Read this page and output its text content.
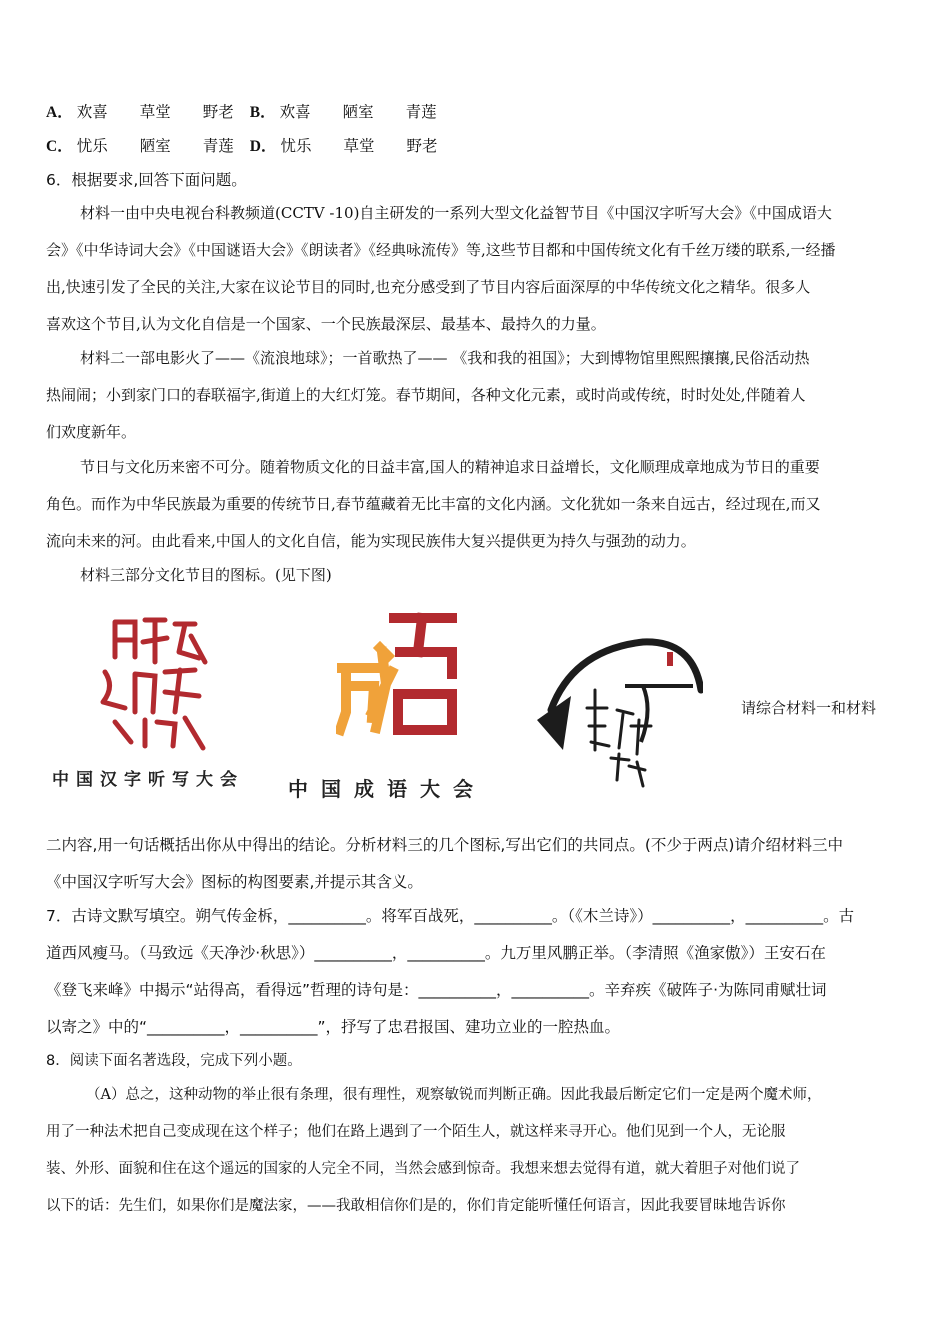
A． 欢喜 草堂 野老 B． 欢喜 陋室 青莲
C． 忧乐 陋室 青莲 D． 忧乐 草堂 野老
6．根据要求,回答下面问题。
材料一由中央电视台科教频道(CCTV -10)自主研发的一系列大型文化益智节目《中国汉字听写大会》《中国成语大
会》《中华诗词大会》《中国谜语大会》《朗读者》《经典咏流传》等,这些节目都和中国传统文化有千丝万缕的联系,一经播
出,快速引发了全民的关注,大家在议论节目的同时,也充分感受到了节目内容后面深厚的中华传统文化之精华。很多人
喜欢这个节目,认为文化自信是一个国家、一个民族最深层、最基本、最持久的力量。
材料二一部电影火了——《流浪地球》；一首歌热了—— 《我和我的祖国》；大到博物馆里熙熙攘攘,民俗活动热
热闹闹；小到家门口的春联福字,街道上的大红灯笼。春节期间，各种文化元素，或时尚或传统，时时处处,伴随着人
们欢度新年。
节日与文化历来密不可分。随着物质文化的日益丰富,国人的精神追求日益增长，文化顺理成章地成为节日的重要
角色。而作为中华民族最为重要的传统节日,春节蕴藏着无比丰富的文化内涵。文化犹如一条来自远古，经过现在,而又
流向未来的河。由此看来,中国人的文化自信，能为实现民族伟大复兴提供更为持久与强劲的动力。
材料三部分文化节目的图标。(见下图)
中国汉字听写大会 中国成语大会
请综合材料一和材料
二内容,用一句话概括出你从中得出的结论。分析材料三的几个图标,写出它们的共同点。(不少于两点)请介绍材料三中
《中国汉字听写大会》图标的构图要素,并提示其含义。
7．古诗文默写填空。朔气传金柝，__________。将军百战死，__________。（《木兰诗》）__________，__________。古
道西风瘦马。（马致远《天净沙·秋思》）__________，__________。九万里风鹏正举。（李清照《渔家傲》）王安石在
《登飞来峰》中揭示“站得高，看得远”哲理的诗句是：__________，__________。辛弃疾《破阵子·为陈同甫赋壮词
以寄之》中的“__________，__________”，抒写了忠君报国、建功立业的一腔热血。
8．阅读下面名著选段，完成下列小题。
（A）总之，这种动物的举止很有条理，很有理性，观察敏锐而判断正确。因此我最后断定它们一定是两个魔术师，
用了一种法术把自己变成现在这个样子；他们在路上遇到了一个陌生人，就这样来寻开心。他们见到一个人，无论服
装、外形、面貌和住在这个遥远的国家的人完全不同，当然会感到惊奇。我想来想去觉得有道，就大着胆子对他们说了
以下的话：先生们，如果你们是魔法家，——我敢相信你们是的，你们肯定能听懂任何语言，因此我要冒昧地告诉你
